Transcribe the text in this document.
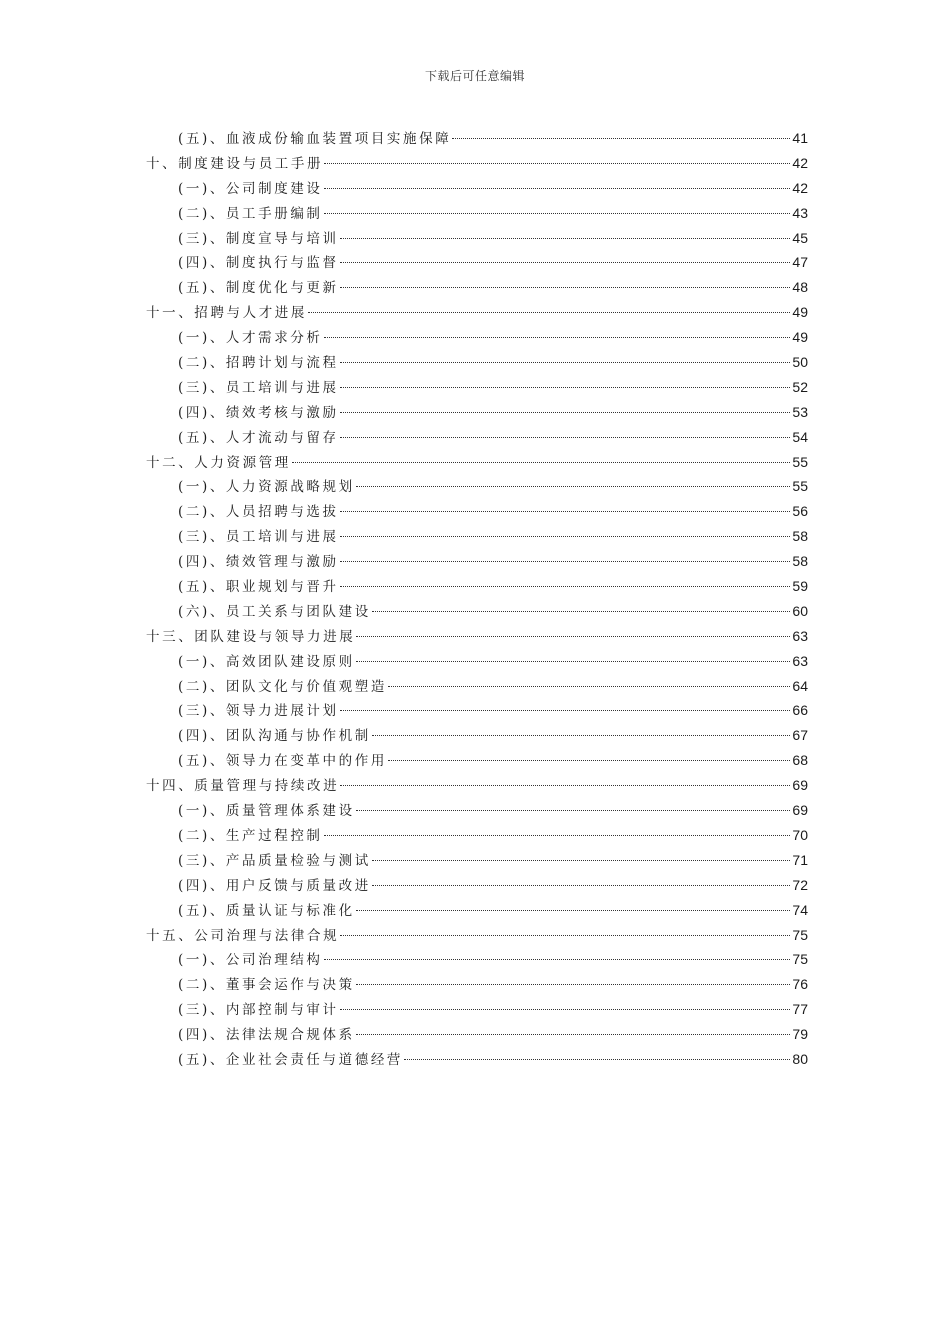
下载后可任意编辑
(五)、血液成份输血装置项目实施保障	41
十、制度建设与员工手册	42
(一)、公司制度建设	42
(二)、员工手册编制	43
(三)、制度宣导与培训	45
(四)、制度执行与监督	47
(五)、制度优化与更新	48
十一、招聘与人才进展	49
(一)、人才需求分析	49
(二)、招聘计划与流程	50
(三)、员工培训与进展	52
(四)、绩效考核与激励	53
(五)、人才流动与留存	54
十二、人力资源管理	55
(一)、人力资源战略规划	55
(二)、人员招聘与选拔	56
(三)、员工培训与进展	58
(四)、绩效管理与激励	58
(五)、职业规划与晋升	59
(六)、员工关系与团队建设	60
十三、团队建设与领导力进展	63
(一)、高效团队建设原则	63
(二)、团队文化与价值观塑造	64
(三)、领导力进展计划	66
(四)、团队沟通与协作机制	67
(五)、领导力在变革中的作用	68
十四、质量管理与持续改进	69
(一)、质量管理体系建设	69
(二)、生产过程控制	70
(三)、产品质量检验与测试	71
(四)、用户反馈与质量改进	72
(五)、质量认证与标准化	74
十五、公司治理与法律合规	75
(一)、公司治理结构	75
(二)、董事会运作与决策	76
(三)、内部控制与审计	77
(四)、法律法规合规体系	79
(五)、企业社会责任与道德经营	80
